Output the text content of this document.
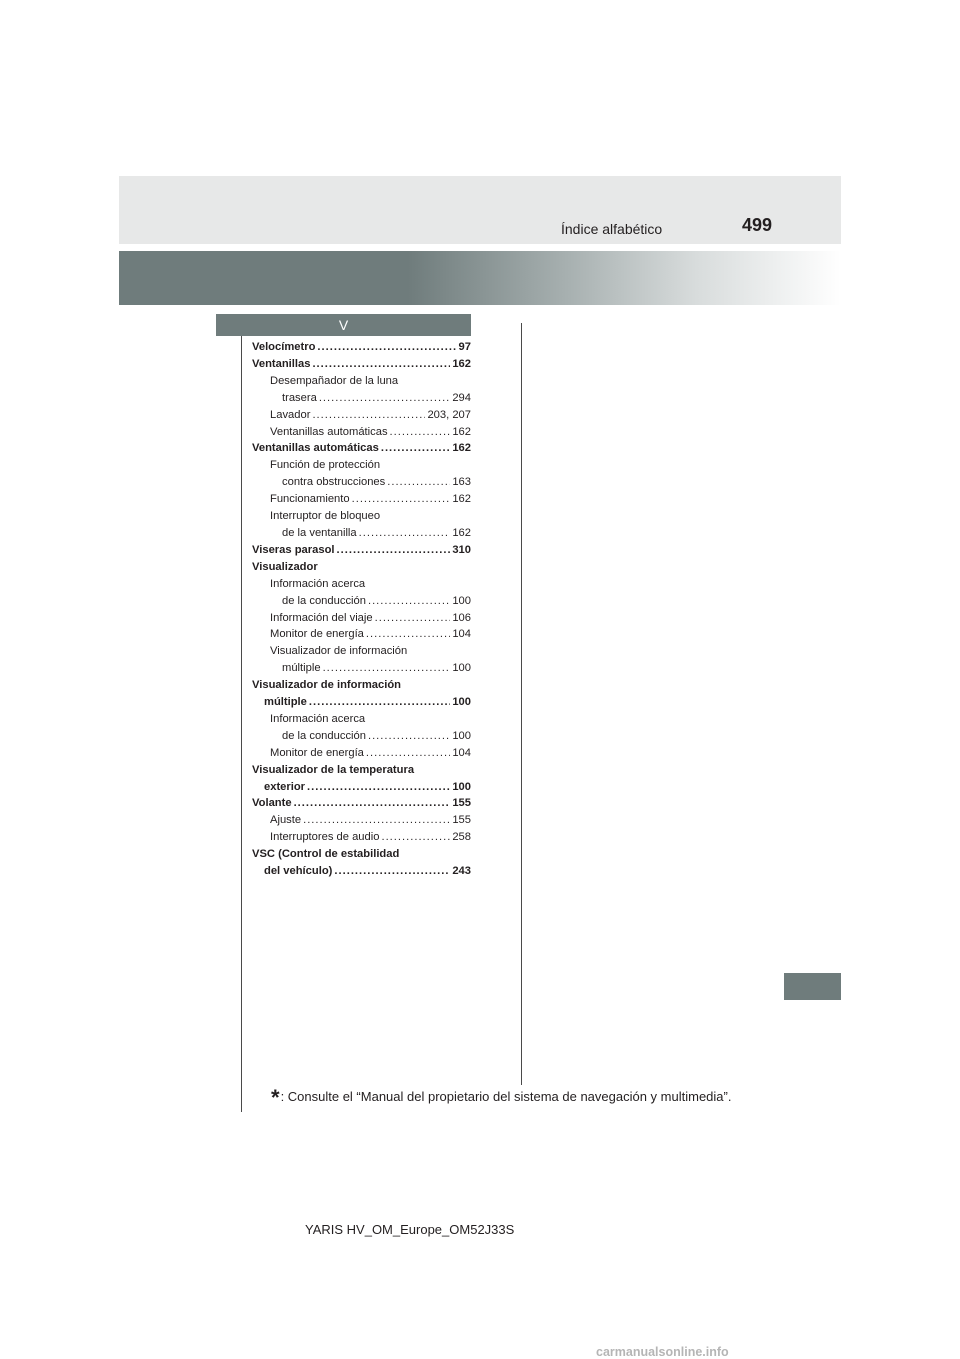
Índice alfabético	499
V
Velocímetro .....	97
Ventanillas .....	162
Desempañador de la luna
trasera .....	294
Lavador .....	203, 207
Ventanillas automáticas .....	162
Ventanillas automáticas .....	162
Función de protección
contra obstrucciones .....	163
Funcionamiento .....	162
Interruptor de bloqueo
de la ventanilla .....	162
Viseras parasol .....	310
Visualizador
Información acerca
de la conducción .....	100
Información del viaje .....	106
Monitor de energía .....	104
Visualizador de información
múltiple .....	100
Visualizador de información
múltiple .....	100
Información acerca
de la conducción .....	100
Monitor de energía .....	104
Visualizador de la temperatura
exterior .....	100
Volante .....	155
Ajuste .....	155
Interruptores de audio .....	258
VSC (Control de estabilidad
del vehículo) .....	243
*: Consulte el “Manual del propietario del sistema de navegación y multimedia”.
YARIS HV_OM_Europe_OM52J33S
carmanualsonline.info
